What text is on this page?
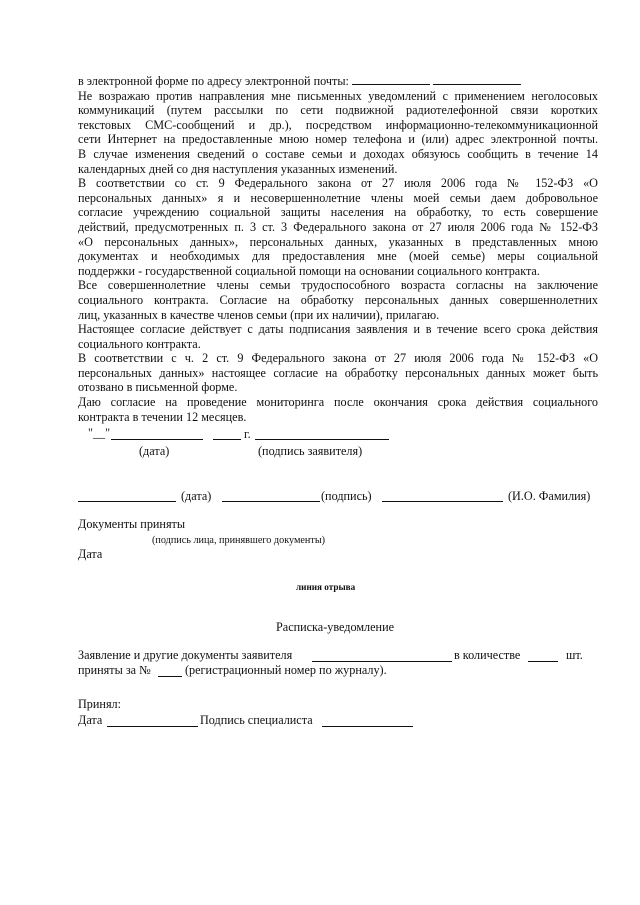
в электронной форме по адресу электронной почты:
Не возражаю против направления мне письменных уведомлений с применением неголосовых
коммуникаций (путем рассылки по сети подвижной радиотелефонной связи коротких
текстовых СМС-сообщений и др.), посредством информационно-телекоммуникационной
сети Интернет на предоставленные мною номер телефона и (или) адрес электронной почты.
В случае изменения сведений о составе семьи и доходах обязуюсь сообщить в течение 14
календарных дней со дня наступления указанных изменений.
В соответствии со ст. 9 Федерального закона от 27 июля 2006 года № 152-ФЗ «О
персональных данных» я и несовершеннолетние члены моей семьи даем добровольное
согласие учреждению социальной защиты населения на обработку, то есть совершение
действий, предусмотренных п. 3 ст. 3 Федерального закона от 27 июля 2006 года № 152-ФЗ
«О персональных данных», персональных данных, указанных в представленных мною
документах и необходимых для предоставления мне (моей семье) меры социальной
поддержки - государственной социальной помощи на основании социального контракта.
Все совершеннолетние члены семьи трудоспособного возраста согласны на заключение
социального контракта. Согласие на обработку персональных данных совершеннолетних
лиц, указанных в качестве членов семьи (при их наличии), прилагаю.
Настоящее согласие действует с даты подписания заявления и в течение всего срока действия
социального контракта.
В соответствии с ч. 2 ст. 9 Федерального закона от 27 июля 2006 года № 152-ФЗ «О
персональных данных» настоящее согласие на обработку персональных данных может быть
отозвано в письменной форме.
Даю согласие на проведение мониторинга после окончания срока действия социального
контракта в течении 12 месяцев.
"__"	г.
(дата)	(подпись заявителя)
(дата)	(подпись)	(И.О. Фамилия)
Документы приняты
(подпись лица, принявшего документы)
Дата
линия отрыва
Расписка-уведомление
Заявление и другие документы заявителя	в количестве	шт.
приняты за №	(регистрационный номер по журналу).
Принял:
Дата	Подпись специалиста
